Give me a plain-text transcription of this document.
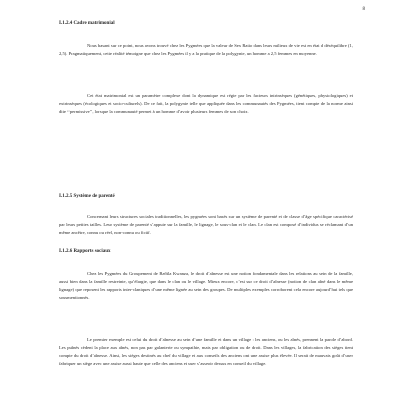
8
I.1.2.4 Cadre matrimonial
Nous basant sur ce point, nous avons trouvé chez les Pygmées que la valeur de Sex Ratio dans leurs milieux de vie est en état d déséquilibre (1, 2,5). Pragmatiquement, cette réalité témoigne que chez les Pygmées il y a la pratique de la polygynie, un homme a 2,5 femmes en moyenne.
Cet état matrimonial est un paramètre complexe dont la dynamique est régie par les facteurs intrinsèques (génétiques, physiologiques) et extrinsèques (écologiques et socio-culturels). De ce fait, la polygynie telle que appliquée dans les communautés des Pygmées, tient compte de la norme ainsi dite ‘‘permissive’’, lorsque la communauté permet à un homme d’avoir plusieurs femmes de son choix.
I.1.2.5 Système de parenté
Concernant leurs structures sociales traditionnelles, les pygmées sont basés sur un système de parenté et de classe d’âge spécifique caractérisé par leurs petites tailles. Leur système de parenté s’appuie sur la famille, le lignage, le sous-clan et le clan. Le clan est composé d’individus se réclamant d’un même ancêtre, connu ou réel, non-connu ou fictif.
I.1.2.6 Rapports sociaux
Chez les Pygmées du Groupement de Bабila Kwanza, le droit d’aînesse est une notion fondamentale dans les relations au sein de la famille, aussi bien dans la famille restreinte, qu’élargie, que dans le clan ou le village. Mieux encore, c’est sur ce droit d’aînesse (notion de clan aîné dans le même lignage) que reposent les rapports inter-claniques d’une même lignée au sein des groupes. De multiples exemples corroborent cela encore aujourd’hui tels que sousmentionnés.
Le premier exemple est celui du droit d’aînesse au sein d’une famille et dans un village : les anciens, ou les aînés, prennent la parole d’abord. Les puînés cèdent la place aux aînés, non pas par galanterie ou sympathie, mais par obligation ou de droit. Dans les villages, la fabrication des sièges tient compte du droit d’aînesse. Ainsi, les sièges destinés au chef du village et aux conseils des anciens ont une assise plus élevée. Il serait de mauvais goût d’user fabriquer un siège avec une assise aussi haute que celle des anciens et user s’asseoir dessus en conseil du village.
